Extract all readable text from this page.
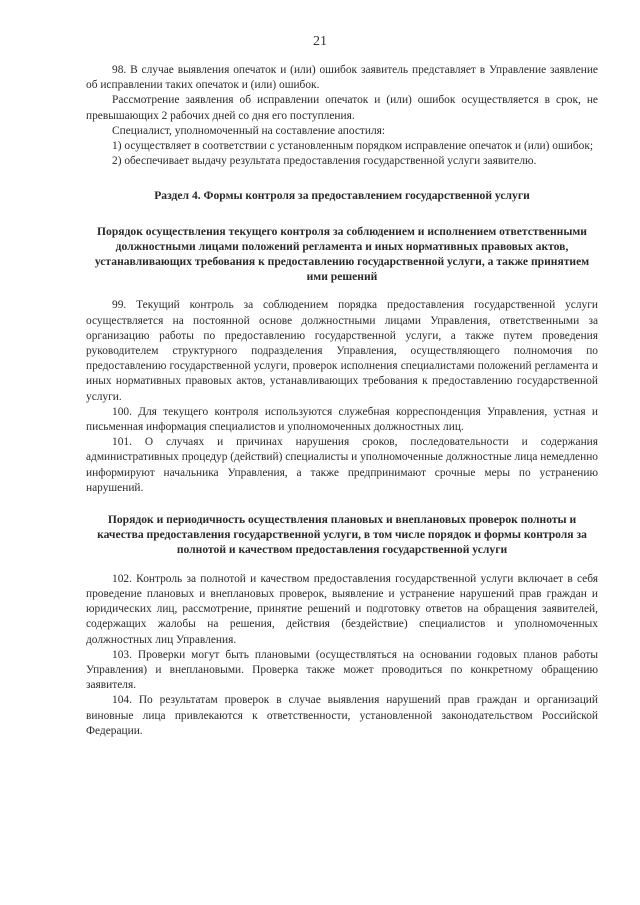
21

98. В случае выявления опечаток и (или) ошибок заявитель представляет в Управление заявление об исправлении таких опечаток и (или) ошибок.

Рассмотрение заявления об исправлении опечаток и (или) ошибок осуществляется в срок, не превышающих 2 рабочих дней со дня его поступления.

Специалист, уполномоченный на составление апостиля:

1) осуществляет в соответствии с установленным порядком исправление опечаток и (или) ошибок;

2) обеспечивает выдачу результата предоставления государственной услуги заявителю.

Раздел 4. Формы контроля за предоставлением государственной услуги
Порядок осуществления текущего контроля за соблюдением и исполнением ответственными должностными лицами положений регламента и иных нормативных правовых актов, устанавливающих требования к предоставлению государственной услуги, а также принятием ими решений

99. Текущий контроль за соблюдением порядка предоставления государственной услуги осуществляется на постоянной основе должностными лицами Управления, ответственными за организацию работы по предоставлению государственной услуги, а также путем проведения руководителем структурного подразделения Управления, осуществляющего полномочия по предоставлению государственной услуги, проверок исполнения специалистами положений регламента и иных нормативных правовых актов, устанавливающих требования к предоставлению государственной услуги.

100. Для текущего контроля используются служебная корреспонденция Управления, устная и письменная информация специалистов и уполномоченных должностных лиц.

101. О случаях и причинах нарушения сроков, последовательности и содержания административных процедур (действий) специалисты и уполномоченные должностные лица немедленно информируют начальника Управления, а также предпринимают срочные меры по устранению нарушений.

Порядок и периодичность осуществления плановых и внеплановых проверок полноты и качества предоставления государственной услуги, в том числе порядок и формы контроля за полнотой и качеством предоставления государственной услуги

102. Контроль за полнотой и качеством предоставления государственной услуги включает в себя проведение плановых и внеплановых проверок, выявление и устранение нарушений прав граждан и юридических лиц, рассмотрение, принятие решений и подготовку ответов на обращения заявителей, содержащих жалобы на решения, действия (бездействие) специалистов и уполномоченных должностных лиц Управления.

103. Проверки могут быть плановыми (осуществляться на основании годовых планов работы Управления) и внеплановыми. Проверка также может проводиться по конкретному обращению заявителя.

104. По результатам проверок в случае выявления нарушений прав граждан и организаций виновные лица привлекаются к ответственности, установленной законодательством Российской Федерации.
